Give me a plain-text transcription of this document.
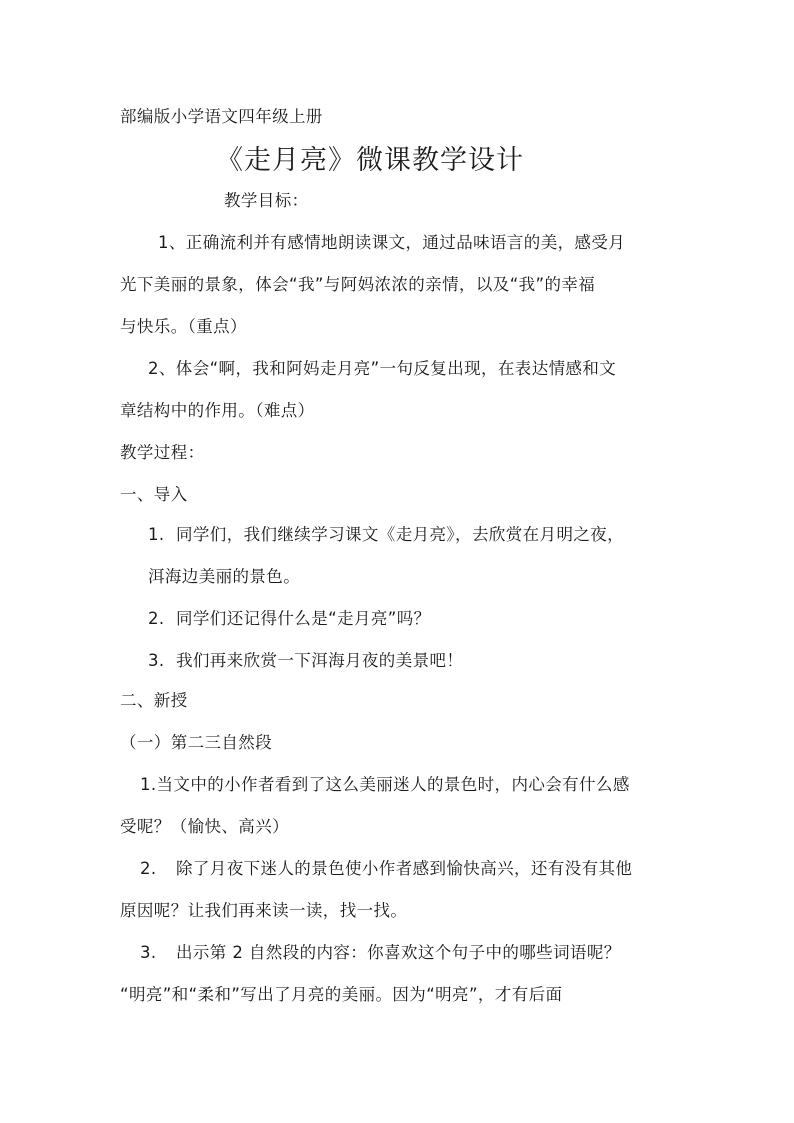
部编版小学语文四年级上册
《走月亮》微课教学设计
教学目标：
1、正确流利并有感情地朗读课文，通过品味语言的美，感受月
光下美丽的景象，体会“我”与阿妈浓浓的亲情，以及“我”的幸福
与快乐。（重点）
2、体会“啊，我和阿妈走月亮”一句反复出现，在表达情感和文
章结构中的作用。（难点）
教学过程：
一、导入
1. 同学们，我们继续学习课文《走月亮》，去欣赏在月明之夜，
洱海边美丽的景色。
2. 同学们还记得什么是“走月亮”吗？
3. 我们再来欣赏一下洱海月夜的美景吧！
二、新授
（一）第二三自然段
1.当文中的小作者看到了这么美丽迷人的景色时，内心会有什么感
受呢？（愉快、高兴）
2. 除了月夜下迷人的景色使小作者感到愉快高兴，还有没有其他
原因呢？让我们再来读一读，找一找。
3. 出示第 2 自然段的内容：你喜欢这个句子中的哪些词语呢？
“明亮”和“柔和”写出了月亮的美丽。因为“明亮”，才有后面
